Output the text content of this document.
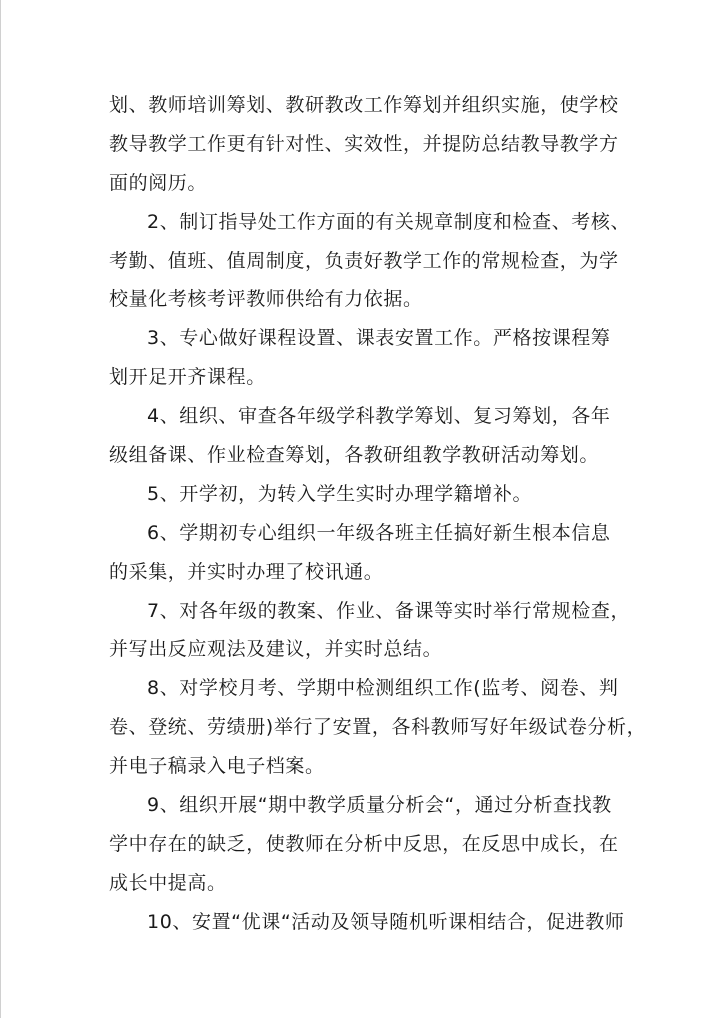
划、教师培训筹划、教研教改工作筹划并组织实施，使学校
教导教学工作更有针对性、实效性，并提防总结教导教学方
面的阅历。
2、制订指导处工作方面的有关规章制度和检查、考核、
考勤、值班、值周制度，负责好教学工作的常规检查，为学
校量化考核考评教师供给有力依据。
3、专心做好课程设置、课表安置工作。严格按课程筹
划开足开齐课程。
4、组织、审查各年级学科教学筹划、复习筹划，各年
级组备课、作业检查筹划，各教研组教学教研活动筹划。
5、开学初，为转入学生实时办理学籍增补。
6、学期初专心组织一年级各班主任搞好新生根本信息
的采集，并实时办理了校讯通。
7、对各年级的教案、作业、备课等实时举行常规检查，
并写出反应观法及建议，并实时总结。
8、对学校月考、学期中检测组织工作(监考、阅卷、判
卷、登统、劳绩册)举行了安置，各科教师写好年级试卷分析，
并电子稿录入电子档案。
9、组织开展“期中教学质量分析会“，通过分析查找教
学中存在的缺乏，使教师在分析中反思，在反思中成长，在
成长中提高。
10、安置“优课“活动及领导随机听课相结合，促进教师
